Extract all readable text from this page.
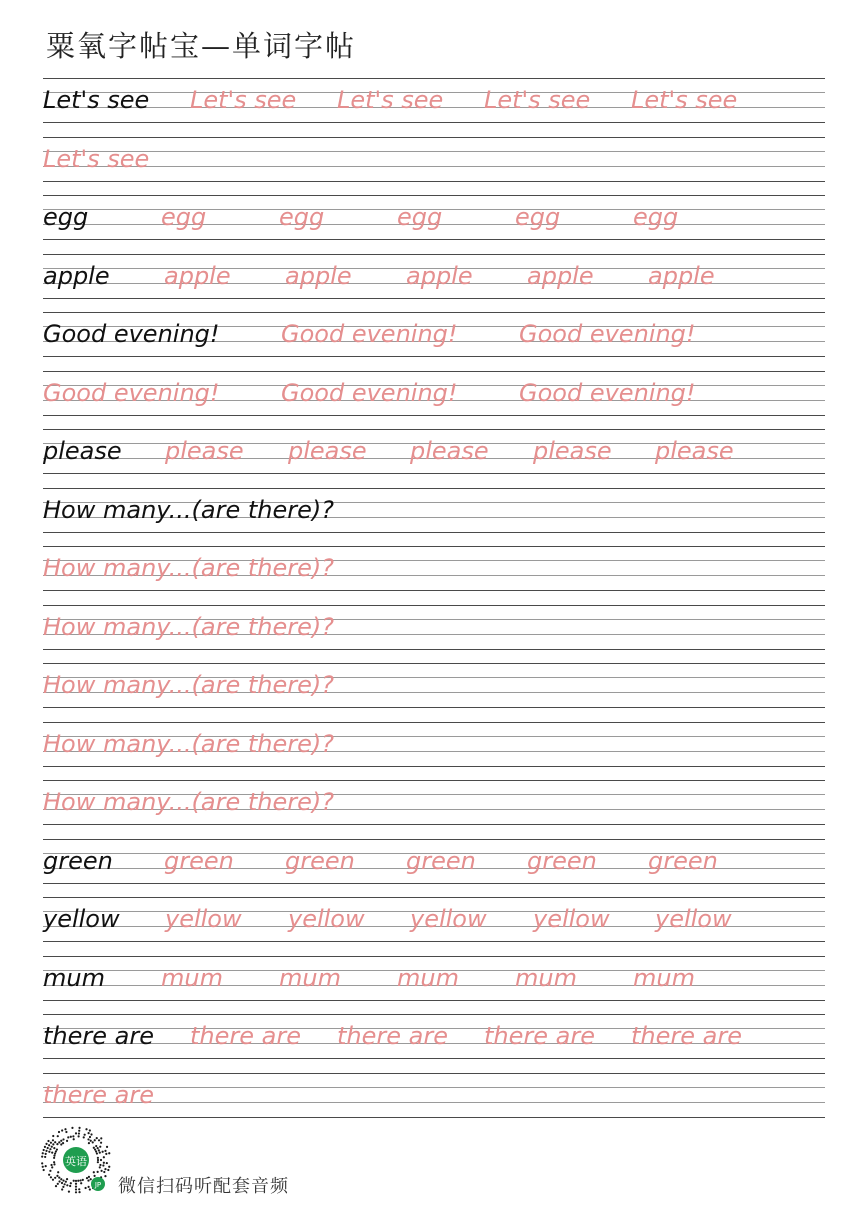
粟氧字帖宝—单词字帖
Let's see Let's see Let's see Let's see Let's see
Let's see
egg	egg	egg	egg	egg	egg
apple apple apple apple apple apple
Good evening!	Good evening!	Good evening!
Good evening!	Good evening!	Good evening!
please please please please please please
How many...(are there)?
How many...(are there)?
How many...(are there)?
How many...(are there)?
How many...(are there)?
How many...(are there)?
green green green green green green
yellow yellow yellow yellow yellow yellow
mum mum mum mum mum mum
there are there are there are there are there are
there are
英语
JP 微信扫码听配套音频
